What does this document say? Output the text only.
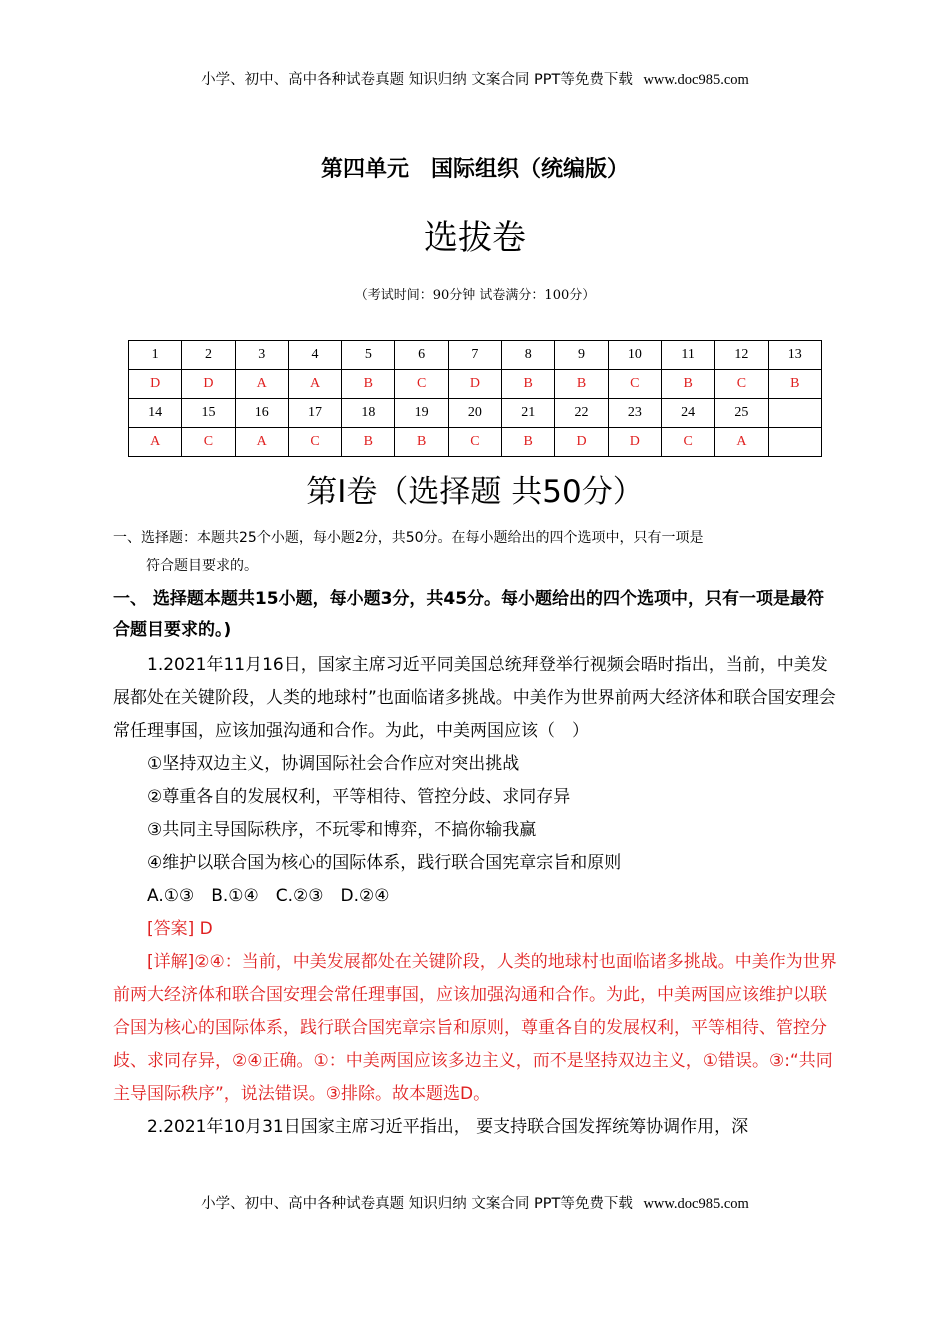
小学、初中、高中各种试卷真题 知识归纳 文案合同 PPT等免费下载 www.doc985.com
第四单元 国际组织（统编版）
选拔卷
（考试时间：90分钟 试卷满分：100分）
1	2	3	4	5	6	7	8	9	10	11	12	13
D	D	A	A	B	C	D	B	B	C	B	C	B
14	15	16	17	18	19	20	21	22	23	24	25	
A	C	A	C	B	B	C	B	D	D	C	A	
第Ⅰ卷（选择题 共50分）

一、选择题：本题共25个小题，每小题2分，共50分。在每小题给出的四个选项中，只有一项是

符合题目要求的。

一、 选择题本题共15小题，每小题3分，共45分。每小题给出的四个选项中，只有一项是最符合题目要求的。)

1.2021年11月16日，国家主席习近平同美国总统拜登举行视频会晤时指出，当前，中美发展都处在关键阶段，人类的地球村”也面临诸多挑战。中美作为世界前两大经济体和联合国安理会常任理事国，应该加强沟通和合作。为此，中美两国应该（　）

①坚持双边主义，协调国际社会合作应对突出挑战

②尊重各自的发展权利，平等相待、管控分歧、求同存异

③共同主导国际秩序，不玩零和博弈，不搞你输我赢

④维护以联合国为核心的国际体系，践行联合国宪章宗旨和原则

A.①③　B.①④　C.②③　D.②④

[答案] D

[详解]②④：当前，中美发展都处在关键阶段，人类的地球村也面临诸多挑战。中美作为世界前两大经济体和联合国安理会常任理事国，应该加强沟通和合作。为此，中美两国应该维护以联合国为核心的国际体系，践行联合国宪章宗旨和原则，尊重各自的发展权利，平等相待、管控分歧、求同存异，②④正确。①：中美两国应该多边主义，而不是坚持双边主义，①错误。③:“共同主导国际秩序”，说法错误。③排除。故本题选D。

2.2021年10月31日国家主席习近平指出， 要支持联合国发挥统筹协调作用，深

小学、初中、高中各种试卷真题 知识归纳 文案合同 PPT等免费下载 www.doc985.com
